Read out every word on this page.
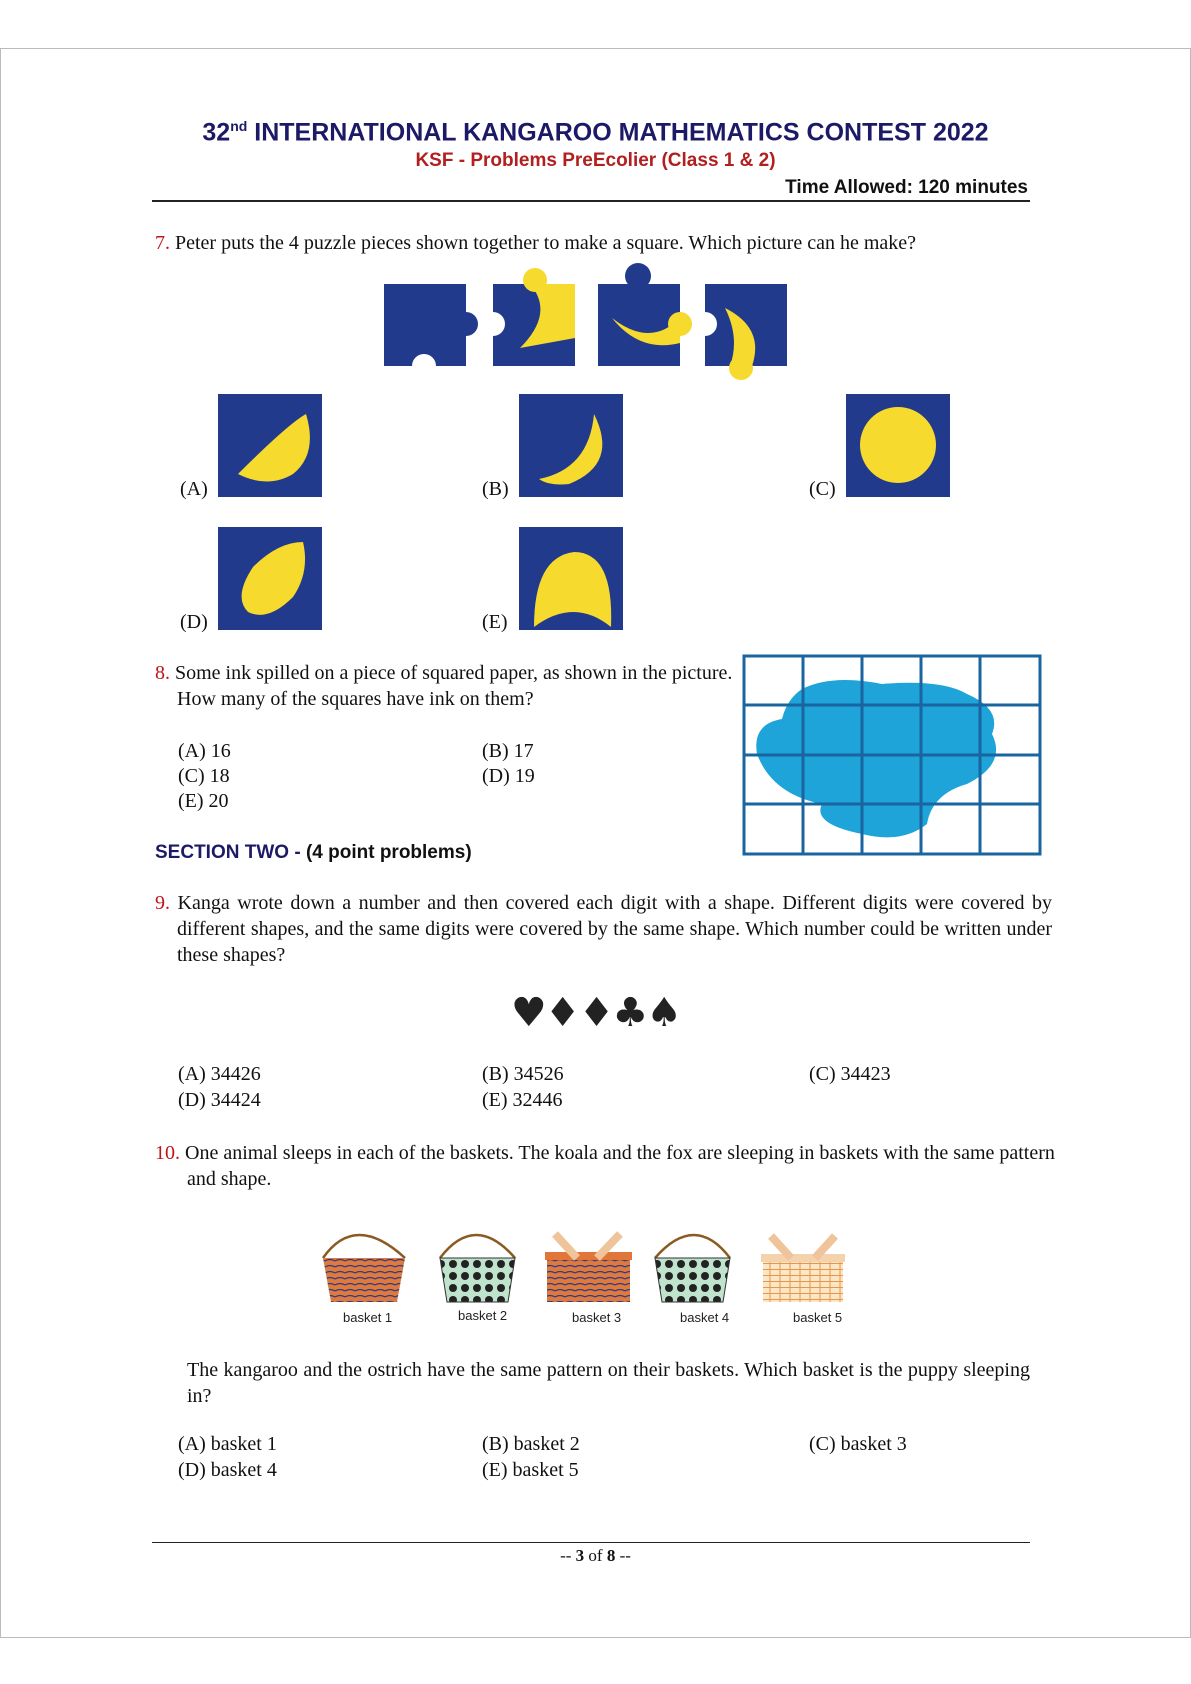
32nd INTERNATIONAL KANGAROO MATHEMATICS CONTEST 2022
KSF - Problems PreEcolier (Class 1 & 2)
Time Allowed: 120 minutes
7. Peter puts the 4 puzzle pieces shown together to make a square. Which picture can he make?
(A)	(B)	(C)
(D)	(E)
8. Some ink spilled on a piece of squared paper, as shown in the picture. How many of the squares have ink on them?
(A) 16	(B) 17
(C) 18	(D) 19
(E) 20
SECTION TWO - (4 point problems)
9. Kanga wrote down a number and then covered each digit with a shape. Different digits were covered by different shapes, and the same digits were covered by the same shape. Which number could be written under these shapes?
♥♦♦♣♠
(A) 34426	(B) 34526	(C) 34423
(D) 34424	(E) 32446
10. One animal sleeps in each of the baskets. The koala and the fox are sleeping in baskets with the same pattern and shape.
basket 1	basket 2	basket 3	basket 4	basket 5
The kangaroo and the ostrich have the same pattern on their baskets. Which basket is the puppy sleeping in?
(A) basket 1	(B) basket 2	(C) basket 3
(D) basket 4	(E) basket 5
-- 3 of 8 --
